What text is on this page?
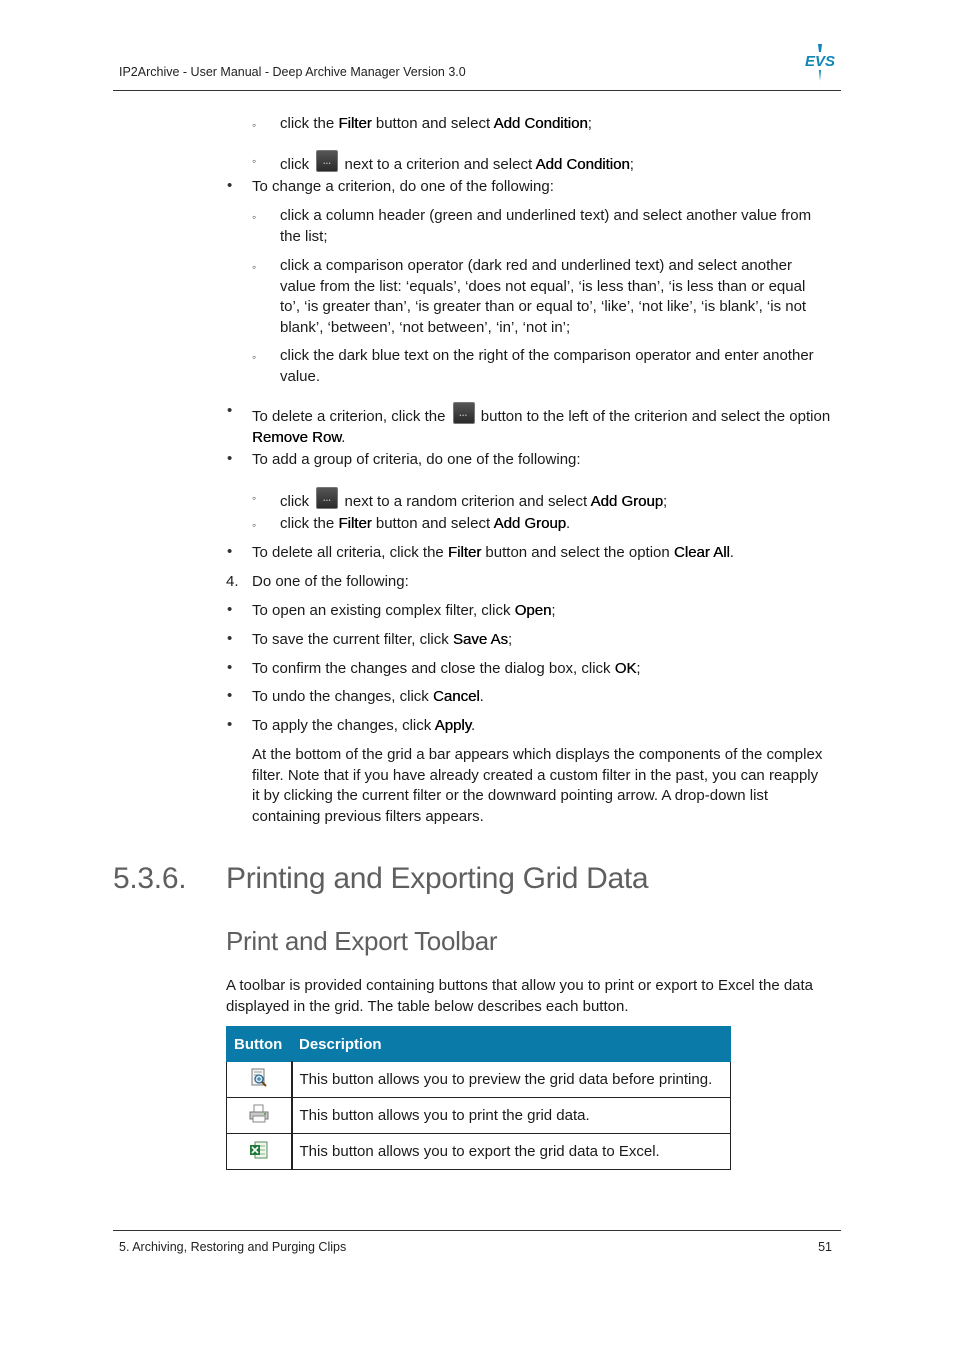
IP2Archive - User Manual - Deep Archive Manager Version 3.0
EVS
◦ click the Filter button and select Add Condition;
◦ click ••• next to a criterion and select Add Condition;
• To change a criterion, do one of the following:
◦ click a column header (green and underlined text) and select another value from
the list;
◦ click a comparison operator (dark red and underlined text) and select another
value from the list: ‘equals’, ‘does not equal’, ‘is less than’, ‘is less than or equal
to’, ‘is greater than’, ‘is greater than or equal to’, ‘like’, ‘not like’, ‘is blank’, ‘is not
blank’, ‘between’, ‘not between’, ‘in’, ‘not in’;
◦ click the dark blue text on the right of the comparison operator and enter another
value.
• To delete a criterion, click the ••• button to the left of the criterion and select the option
Remove Row.
• To add a group of criteria, do one of the following:
◦ click ••• next to a random criterion and select Add Group;
◦ click the Filter button and select Add Group.
• To delete all criteria, click the Filter button and select the option Clear All.
4. Do one of the following:
• To open an existing complex filter, click Open;
• To save the current filter, click Save As;
• To confirm the changes and close the dialog box, click OK;
• To undo the changes, click Cancel.
• To apply the changes, click Apply.
At the bottom of the grid a bar appears which displays the components of the complex
filter. Note that if you have already created a custom filter in the past, you can reapply
it by clicking the current filter or the downward pointing arrow. A drop-down list
containing previous filters appears.
5.3.6. Printing and Exporting Grid Data
Print and Export Toolbar
A toolbar is provided containing buttons that allow you to print or export to Excel the data
displayed in the grid. The table below describes each button.
Button	Description
	This button allows you to preview the grid data before printing.
	This button allows you to print the grid data.
	This button allows you to export the grid data to Excel.
5. Archiving, Restoring and Purging Clips	51
